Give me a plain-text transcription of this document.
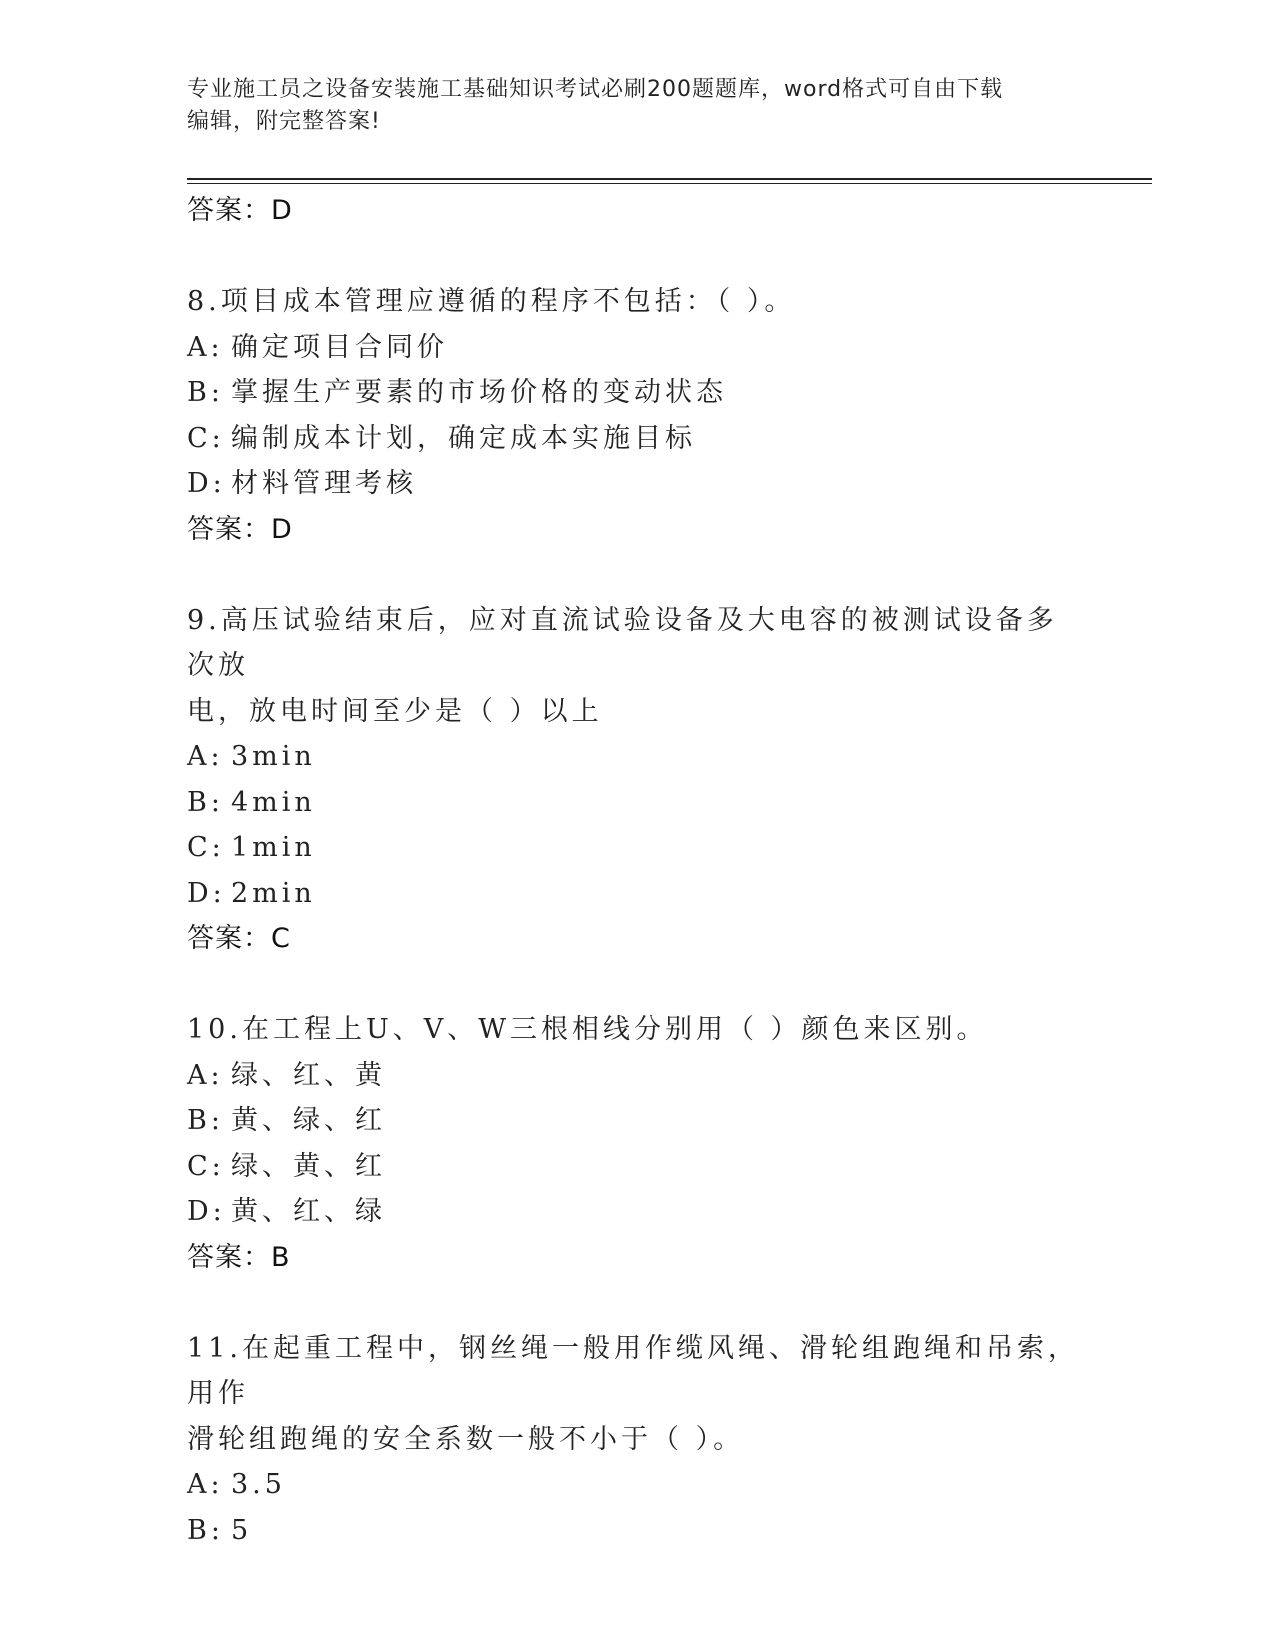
专业施工员之设备安装施工基础知识考试必刷200题题库，word格式可自由下载
编辑，附完整答案!
答案：D
8.项目成本管理应遵循的程序不包括：（ ）。
A: 确定项目合同价
B: 掌握生产要素的市场价格的变动状态
C: 编制成本计划，确定成本实施目标
D: 材料管理考核
答案：D
9.高压试验结束后，应对直流试验设备及大电容的被测试设备多次放
电，放电时间至少是（ ）以上
A: 3min
B: 4min
C: 1min
D: 2min
答案：C
10.在工程上U、V、W三根相线分别用（ ）颜色来区别。
A: 绿、红、黄
B: 黄、绿、红
C: 绿、黄、红
D: 黄、红、绿
答案：B
11.在起重工程中，钢丝绳一般用作缆风绳、滑轮组跑绳和吊索，用作
滑轮组跑绳的安全系数一般不小于（ ）。
A: 3.5
B: 5
